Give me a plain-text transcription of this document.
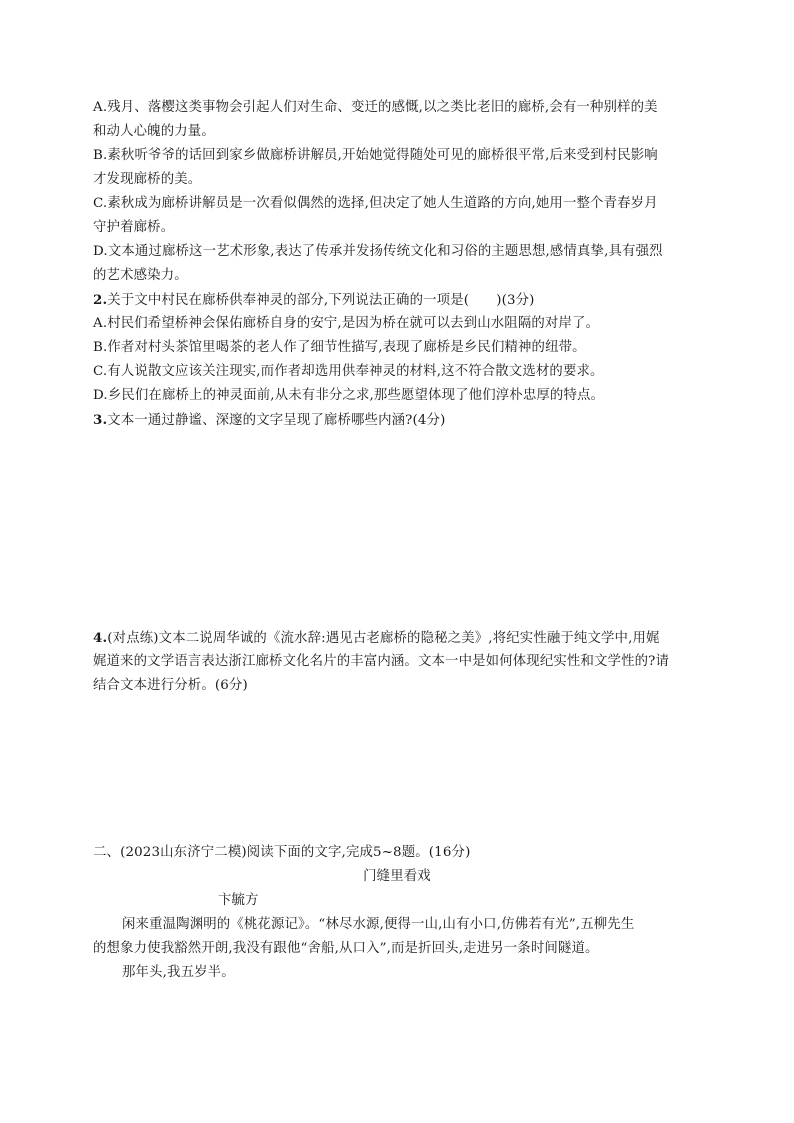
A.残月、落樱这类事物会引起人们对生命、变迁的感慨,以之类比老旧的廊桥,会有一种别样的美
和动人心魄的力量。
B.素秋听爷爷的话回到家乡做廊桥讲解员,开始她觉得随处可见的廊桥很平常,后来受到村民影响
才发现廊桥的美。
C.素秋成为廊桥讲解员是一次看似偶然的选择,但决定了她人生道路的方向,她用一整个青春岁月
守护着廊桥。
D.文本通过廊桥这一艺术形象,表达了传承并发扬传统文化和习俗的主题思想,感情真挚,具有强烈
的艺术感染力。
2.关于文中村民在廊桥供奉神灵的部分,下列说法正确的一项是(　　)(3分)
A.村民们希望桥神会保佑廊桥自身的安宁,是因为桥在就可以去到山水阻隔的对岸了。
B.作者对村头茶馆里喝茶的老人作了细节性描写,表现了廊桥是乡民们精神的纽带。
C.有人说散文应该关注现实,而作者却选用供奉神灵的材料,这不符合散文选材的要求。
D.乡民们在廊桥上的神灵面前,从未有非分之求,那些愿望体现了他们淳朴忠厚的特点。
3.文本一通过静谧、深邃的文字呈现了廊桥哪些内涵?(4分)
4.(对点练)文本二说周华诚的《流水辞:遇见古老廊桥的隐秘之美》,将纪实性融于纯文学中,用娓
娓道来的文学语言表达浙江廊桥文化名片的丰富内涵。文本一中是如何体现纪实性和文学性的?请
结合文本进行分析。(6分)
二、(2023山东济宁二模)阅读下面的文字,完成5~8题。(16分)
门缝里看戏
卞毓方
闲来重温陶渊明的《桃花源记》。“林尽水源,便得一山,山有小口,仿佛若有光”,五柳先生
的想象力使我豁然开朗,我没有跟他“舍船,从口入”,而是折回头,走进另一条时间隧道。
那年头,我五岁半。
